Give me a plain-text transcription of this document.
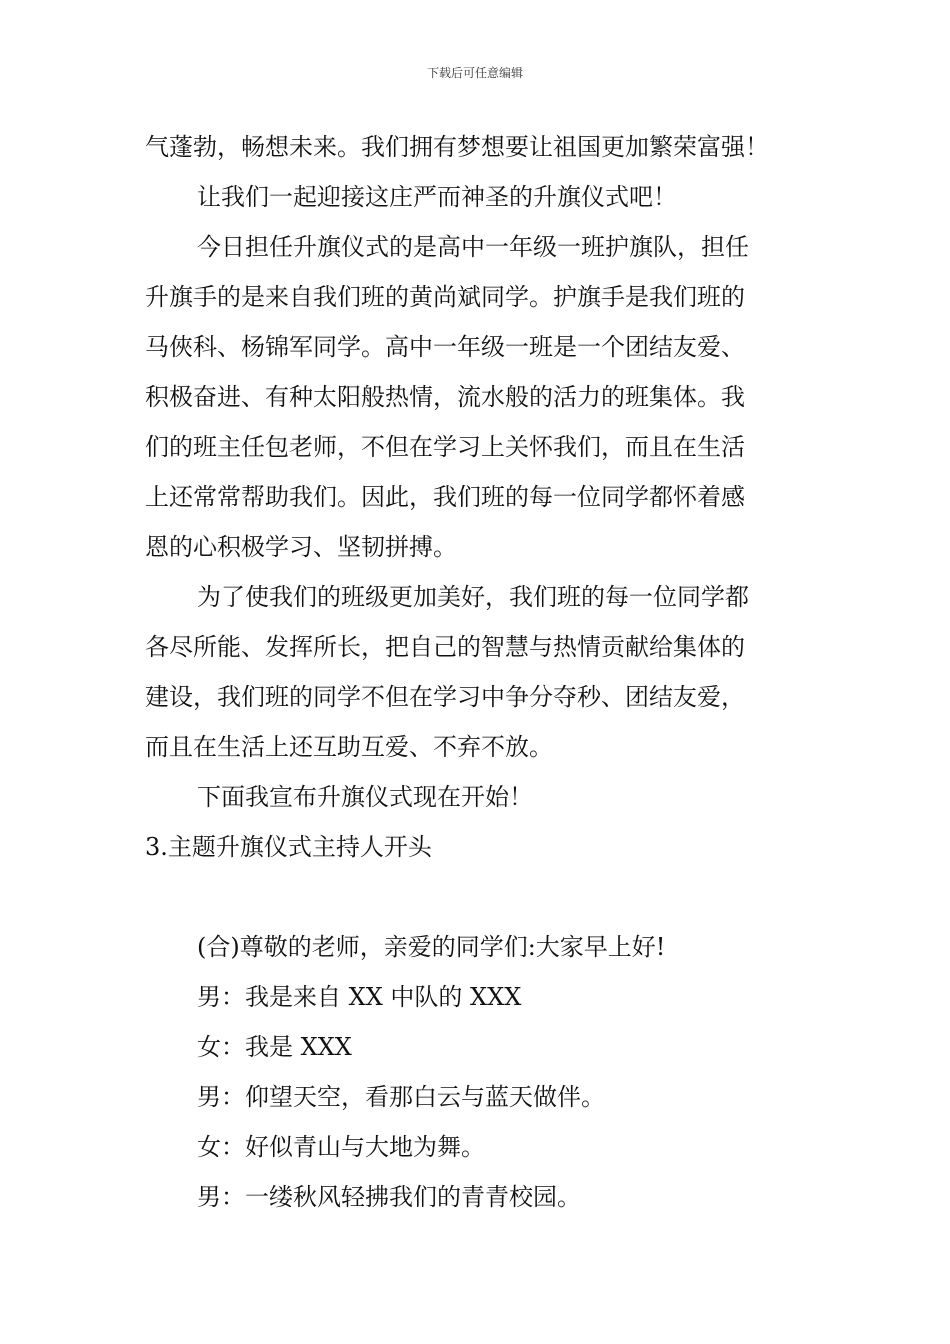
下载后可任意编辑
气蓬勃，畅想未来。我们拥有梦想要让祖国更加繁荣富强！
让我们一起迎接这庄严而神圣的升旗仪式吧！
今日担任升旗仪式的是高中一年级一班护旗队，担任
升旗手的是来自我们班的黄尚斌同学。护旗手是我们班的
马俠科、杨锦军同学。高中一年级一班是一个团结友爱、
积极奋进、有种太阳般热情，流水般的活力的班集体。我
们的班主任包老师，不但在学习上关怀我们，而且在生活
上还常常帮助我们。因此，我们班的每一位同学都怀着感
恩的心积极学习、坚韧拼搏。
为了使我们的班级更加美好，我们班的每一位同学都
各尽所能、发挥所长，把自己的智慧与热情贡献给集体的
建设，我们班的同学不但在学习中争分夺秒、团结友爱，
而且在生活上还互助互爱、不弃不放。
下面我宣布升旗仪式现在开始！
3.主题升旗仪式主持人开头
(合)尊敬的老师，亲爱的同学们:大家早上好!
男：我是来自 XX 中队的 XXX
女：我是 XXX
男：仰望天空，看那白云与蓝天做伴。
女：好似青山与大地为舞。
男：一缕秋风轻拂我们的青青校园。
